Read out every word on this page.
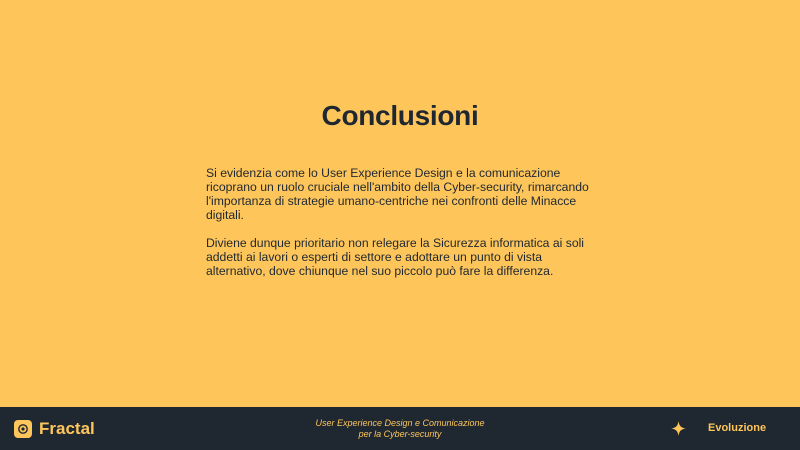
Conclusioni

Si evidenzia come lo User Experience Design e la comunicazione ricoprano un ruolo cruciale nell'ambito della Cyber-security, rimarcando l'importanza di strategie umano-centriche nei confronti delle Minacce digitali.

Diviene dunque prioritario non relegare la Sicurezza informatica ai soli addetti ai lavori o esperti di settore e adottare un punto di vista alternativo, dove chiunque nel suo piccolo può fare la differenza.

Fractal	User Experience Design e Comunicazione
per la Cyber-security	Evoluzione
